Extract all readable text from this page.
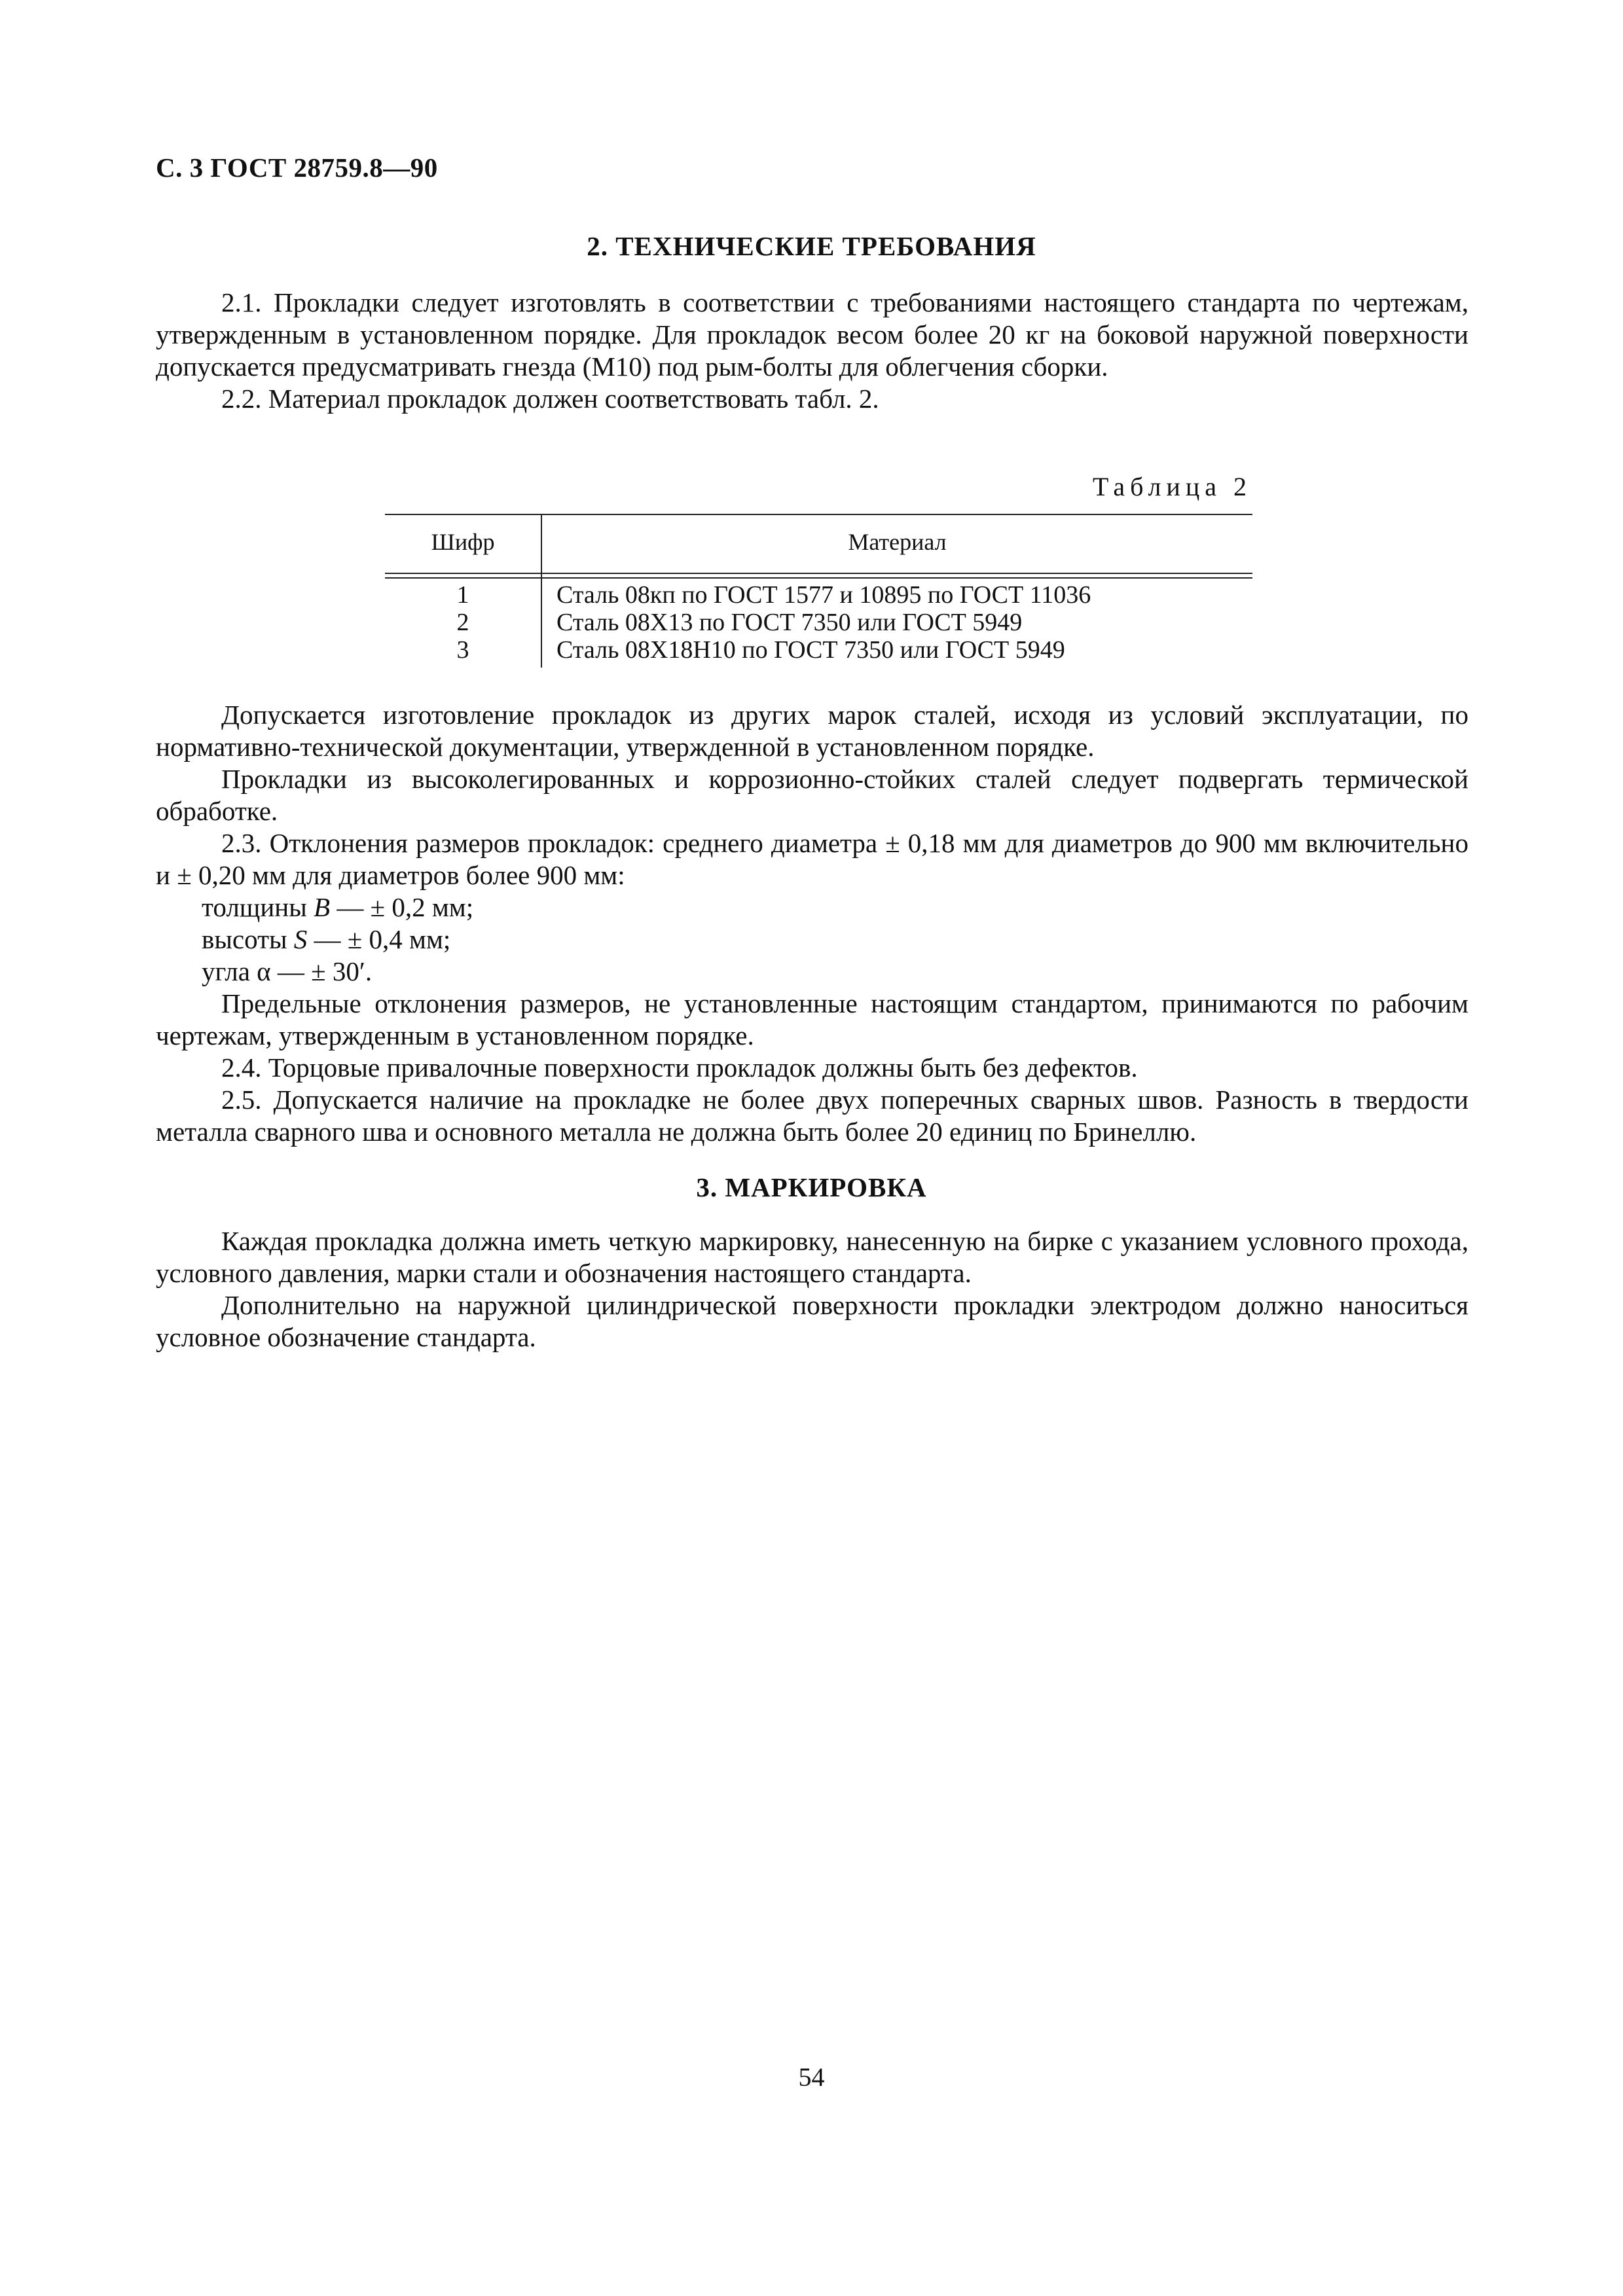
С. 3 ГОСТ 28759.8—90
2. ТЕХНИЧЕСКИЕ ТРЕБОВАНИЯ

2.1. Прокладки следует изготовлять в соответствии с требованиями настоящего стандарта по чертежам, утвержденным в установленном порядке. Для прокладок весом более 20 кг на боковой наружной поверхности допускается предусматривать гнезда (М10) под рым-болты для облегчения сборки.

2.2. Материал прокладок должен соответствовать табл. 2.

Таблица 2
Шифр	Материал
1
2
3
Сталь 08кп по ГОСТ 1577 и 10895 по ГОСТ 11036
Сталь 08Х13 по ГОСТ 7350 или ГОСТ 5949
Сталь 08Х18Н10 по ГОСТ 7350 или ГОСТ 5949

Допускается изготовление прокладок из других марок сталей, исходя из условий эксплуатации, по нормативно-технической документации, утвержденной в установленном порядке.

Прокладки из высоколегированных и коррозионно-стойких сталей следует подвергать термической обработке.

2.3. Отклонения размеров прокладок: среднего диаметра ± 0,18 мм для диаметров до 900 мм включительно и ± 0,20 мм для диаметров более 900 мм:

толщины B — ± 0,2 мм;

высоты S — ± 0,4 мм;

угла α — ± 30′.

Предельные отклонения размеров, не установленные настоящим стандартом, принимаются по рабочим чертежам, утвержденным в установленном порядке.

2.4. Торцовые привалочные поверхности прокладок должны быть без дефектов.

2.5. Допускается наличие на прокладке не более двух поперечных сварных швов. Разность в твердости металла сварного шва и основного металла не должна быть более 20 единиц по Бринеллю.

3. МАРКИРОВКА

Каждая прокладка должна иметь четкую маркировку, нанесенную на бирке с указанием условного прохода, условного давления, марки стали и обозначения настоящего стандарта.

Дополнительно на наружной цилиндрической поверхности прокладки электродом должно наноситься условное обозначение стандарта.

54
